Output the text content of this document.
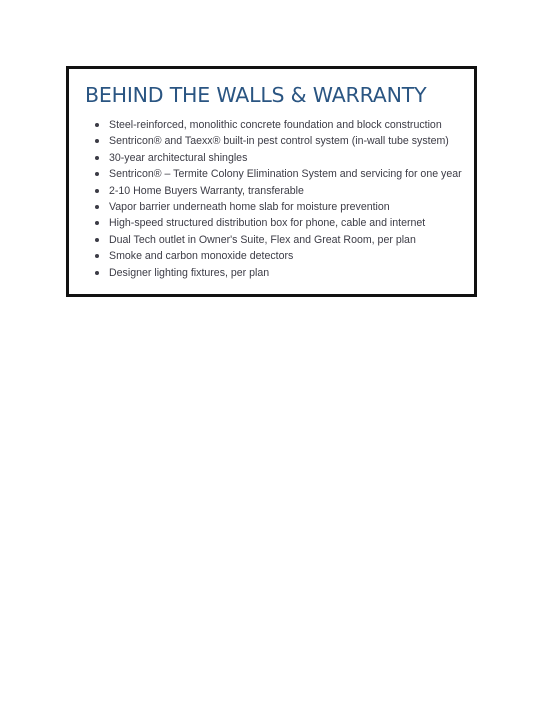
BEHIND THE WALLS & WARRANTY
Steel-reinforced, monolithic concrete foundation and block construction
Sentricon® and Taexx® built-in pest control system (in-wall tube system)
30-year architectural shingles
Sentricon® – Termite Colony Elimination System and servicing for one year
2-10 Home Buyers Warranty, transferable
Vapor barrier underneath home slab for moisture prevention
High-speed structured distribution box for phone, cable and internet
Dual Tech outlet in Owner's Suite, Flex and Great Room, per plan
Smoke and carbon monoxide detectors
Designer lighting fixtures, per plan
